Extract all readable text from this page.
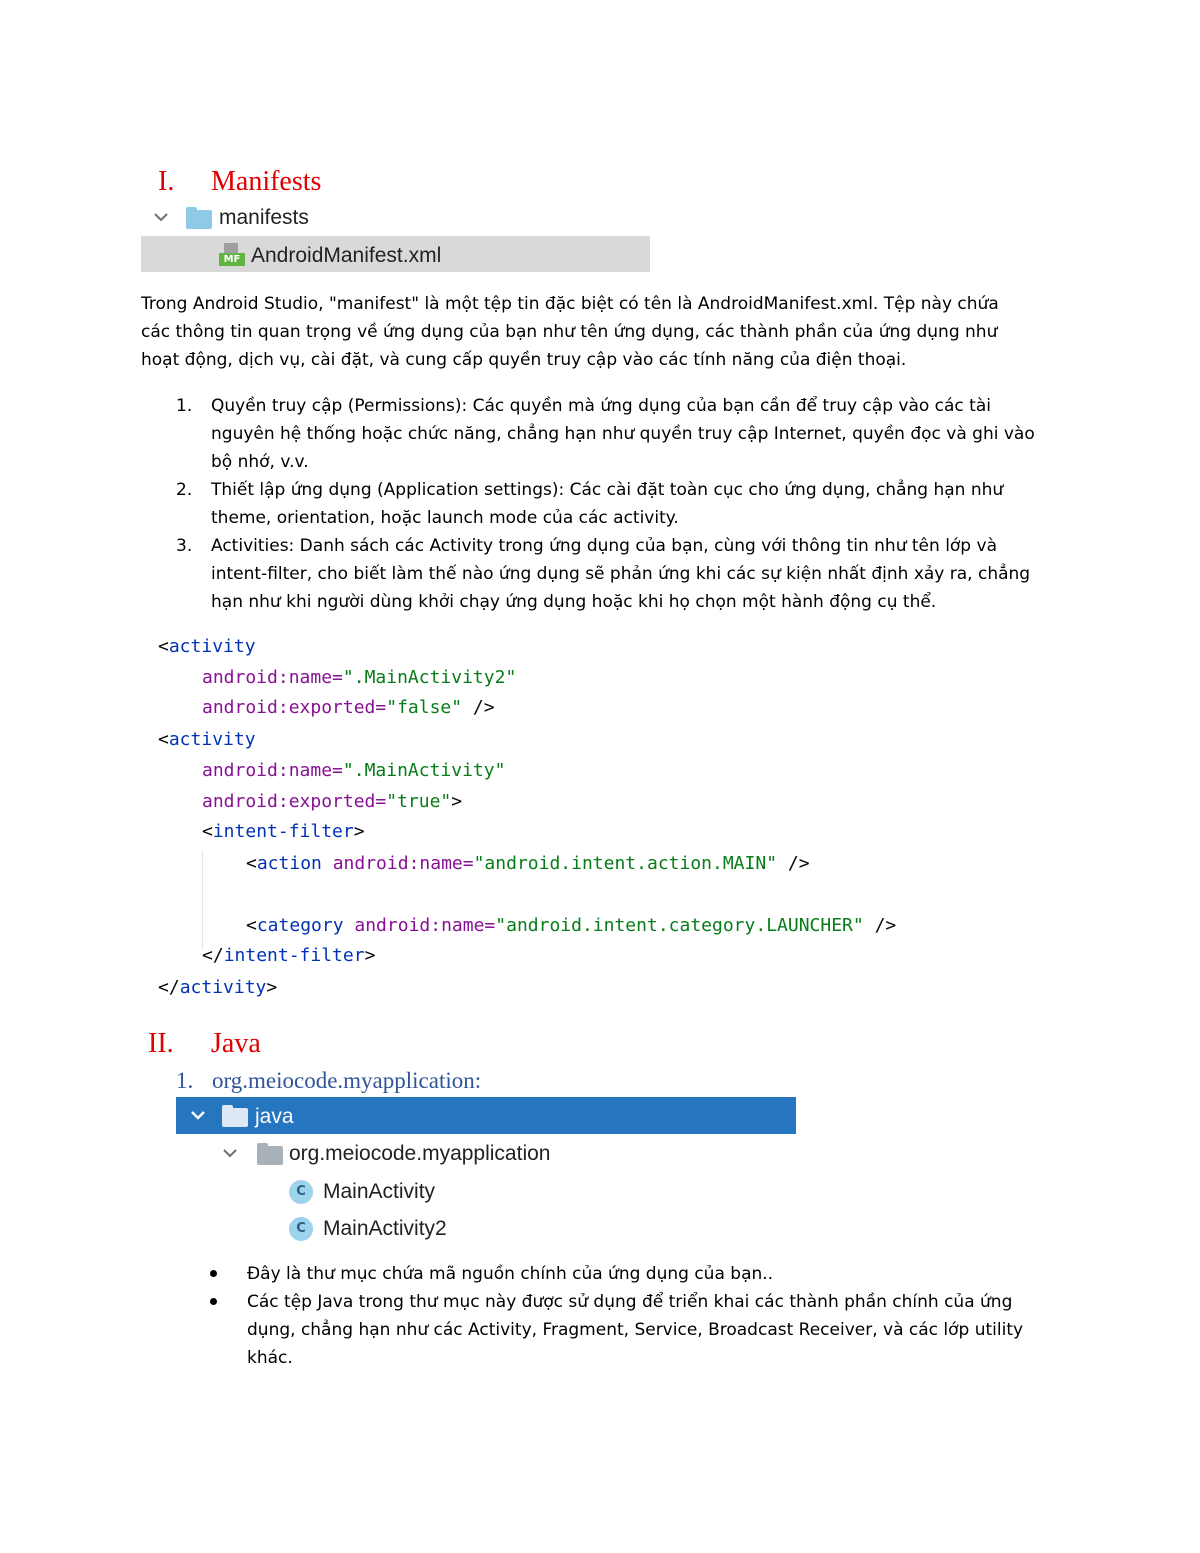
I. Manifests
manifests
MF AndroidManifest.xml
Trong Android Studio, "manifest" là một tệp tin đặc biệt có tên là AndroidManifest.xml. Tệp này chứa
các thông tin quan trọng về ứng dụng của bạn như tên ứng dụng, các thành phần của ứng dụng như
hoạt động, dịch vụ, cài đặt, và cung cấp quyền truy cập vào các tính năng của điện thoại.
1. Quyền truy cập (Permissions): Các quyền mà ứng dụng của bạn cần để truy cập vào các tài
nguyên hệ thống hoặc chức năng, chẳng hạn như quyền truy cập Internet, quyền đọc và ghi vào
bộ nhớ, v.v.
2. Thiết lập ứng dụng (Application settings): Các cài đặt toàn cục cho ứng dụng, chẳng hạn như
theme, orientation, hoặc launch mode của các activity.
3. Activities: Danh sách các Activity trong ứng dụng của bạn, cùng với thông tin như tên lớp và
intent-filter, cho biết làm thế nào ứng dụng sẽ phản ứng khi các sự kiện nhất định xảy ra, chẳng
hạn như khi người dùng khởi chạy ứng dụng hoặc khi họ chọn một hành động cụ thể.
<activity
android:name=".MainActivity2"
android:exported="false" />
<activity
android:name=".MainActivity"
android:exported="true">
<intent-filter>
<action android:name="android.intent.action.MAIN" />
<category android:name="android.intent.category.LAUNCHER" />
</intent-filter>
</activity>
II. Java
1. org.meiocode.myapplication:
java
org.meiocode.myapplication
C MainActivity
C MainActivity2
Đây là thư mục chứa mã nguồn chính của ứng dụng của bạn..
Các tệp Java trong thư mục này được sử dụng để triển khai các thành phần chính của ứng
dụng, chẳng hạn như các Activity, Fragment, Service, Broadcast Receiver, và các lớp utility
khác.
